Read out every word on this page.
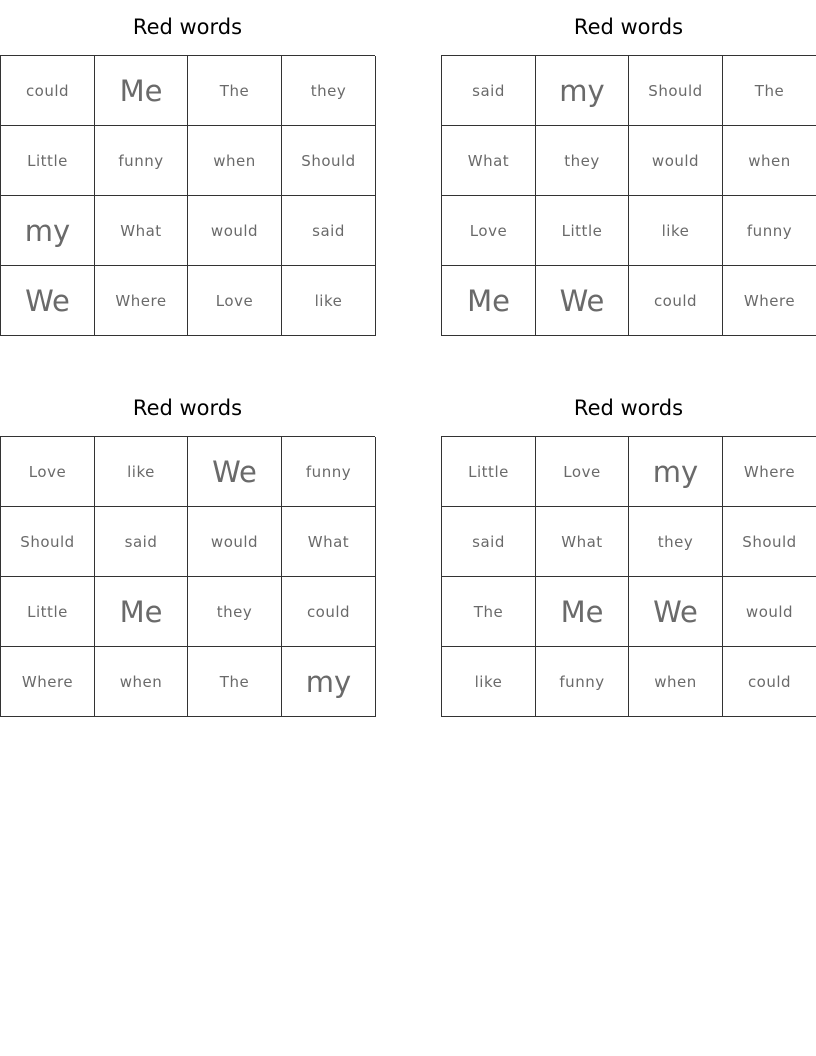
Red words
could	Me	The	they
Little	funny	when	Should
my	What	would	said
We	Where	Love	like
Red words
said	my	Should	The
What	they	would	when
Love	Little	like	funny
Me	We	could	Where
Red words
Love	like	We	funny
Should	said	would	What
Little	Me	they	could
Where	when	The	my
Red words
Little	Love	my	Where
said	What	they	Should
The	Me	We	would
like	funny	when	could
